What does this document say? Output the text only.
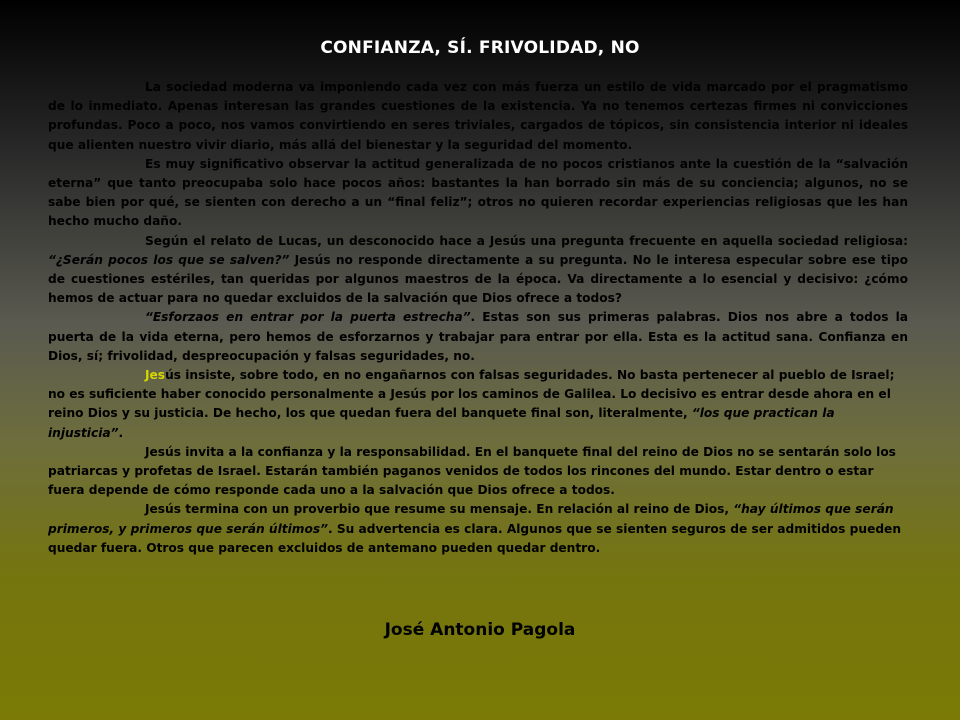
CONFIANZA, SÍ. FRIVOLIDAD, NO

La sociedad moderna va imponiendo cada vez con más fuerza un estilo de vida marcado por el pragmatismo de lo inmediato. Apenas interesan las grandes cuestiones de la existencia. Ya no tenemos certezas firmes ni convicciones profundas. Poco a poco, nos vamos convirtiendo en seres triviales, cargados de tópicos, sin consistencia interior ni ideales que alienten nuestro vivir diario, más allá del bienestar y la seguridad del momento.

Es muy significativo observar la actitud generalizada de no pocos cristianos ante la cuestión de la “salvación eterna” que tanto preocupaba solo hace pocos años: bastantes la han borrado sin más de su conciencia; algunos, no se sabe bien por qué, se sienten con derecho a un “final feliz”; otros no quieren recordar experiencias religiosas que les han hecho mucho daño.

Según el relato de Lucas, un desconocido hace a Jesús una pregunta frecuente en aquella sociedad religiosa: “¿Serán pocos los que se salven?” Jesús no responde directamente a su pregunta. No le interesa especular sobre ese tipo de cuestiones estériles, tan queridas por algunos maestros de la época. Va directamente a lo esencial y decisivo: ¿cómo hemos de actuar para no quedar excluidos de la salvación que Dios ofrece a todos?

“Esforzaos en entrar por la puerta estrecha”. Estas son sus primeras palabras. Dios nos abre a todos la puerta de la vida eterna, pero hemos de esforzarnos y trabajar para entrar por ella. Esta es la actitud sana. Confianza en Dios, sí; frivolidad, despreocupación y falsas seguridades, no.

Jesús insiste, sobre todo, en no engañarnos con falsas seguridades. No basta pertenecer al pueblo de Israel; no es suficiente haber conocido personalmente a Jesús por los caminos de Galilea. Lo decisivo es entrar desde ahora en el reino Dios y su justicia. De hecho, los que quedan fuera del banquete final son, literalmente, “los que practican la injusticia”.

Jesús invita a la confianza y la responsabilidad. En el banquete final del reino de Dios no se sentarán solo los patriarcas y profetas de Israel. Estarán también paganos venidos de todos los rincones del mundo. Estar dentro o estar fuera depende de cómo responde cada uno a la salvación que Dios ofrece a todos.

Jesús termina con un proverbio que resume su mensaje. En relación al reino de Dios, “hay últimos que serán primeros, y primeros que serán últimos”. Su advertencia es clara. Algunos que se sienten seguros de ser admitidos pueden quedar fuera. Otros que parecen excluidos de antemano pueden quedar dentro.

José Antonio Pagola
